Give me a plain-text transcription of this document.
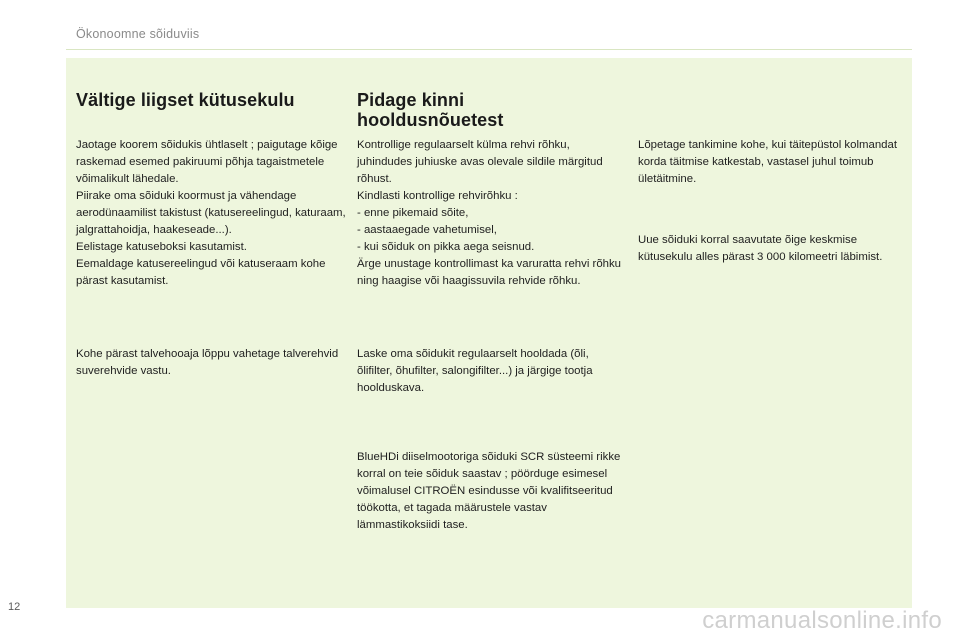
Ökonoomne sõiduviis
Vältige liigset kütusekulu

Jaotage koorem sõidukis ühtlaselt ; paigutage kõige raskemad esemed pakiruumi põhja tagaistmetele võimalikult lähedale.
Piirake oma sõiduki koormust ja vähendage aerodünaamilist takistust (katusereelingud, katuraam, jalgrattahoidja, haakeseade...).
Eelistage katuseboksi kasutamist.
Eemaldage katusereelingud või katuseraam kohe pärast kasutamist.

Kohe pärast talvehooaja lõppu vahetage talverehvid suverehvide vastu.

Pidage kinni hooldusnõuetest

Kontrollige regulaarselt külma rehvi rõhku, juhindudes juhiuske avas olevale sildile märgitud rõhust.
Kindlasti kontrollige rehvirõhku :
- enne pikemaid sõite,
- aastaaegade vahetumisel,
- kui sõiduk on pikka aega seisnud.
Ärge unustage kontrollimast ka varuratta rehvi rõhku ning haagise või haagissuvila rehvide rõhku.

Laske oma sõidukit regulaarselt hooldada (õli, õlifilter, õhufilter, salongifilter...) ja järgige tootja hoolduskava.

BlueHDi diiselmootoriga sõiduki SCR süsteemi rikke korral on teie sõiduk saastav ; pöörduge esimesel võimalusel CITROËN esindusse või kvalifitseeritud töökotta, et tagada määrustele vastav lämmastikoksiidi tase.

Lõpetage tankimine kohe, kui täitepüstol kolmandat korda täitmise katkestab, vastasel juhul toimub ületäitmine.

Uue sõiduki korral saavutate õige keskmise kütusekulu alles pärast 3 000 kilomeetri läbimist.

12	carmanualsonline.info
